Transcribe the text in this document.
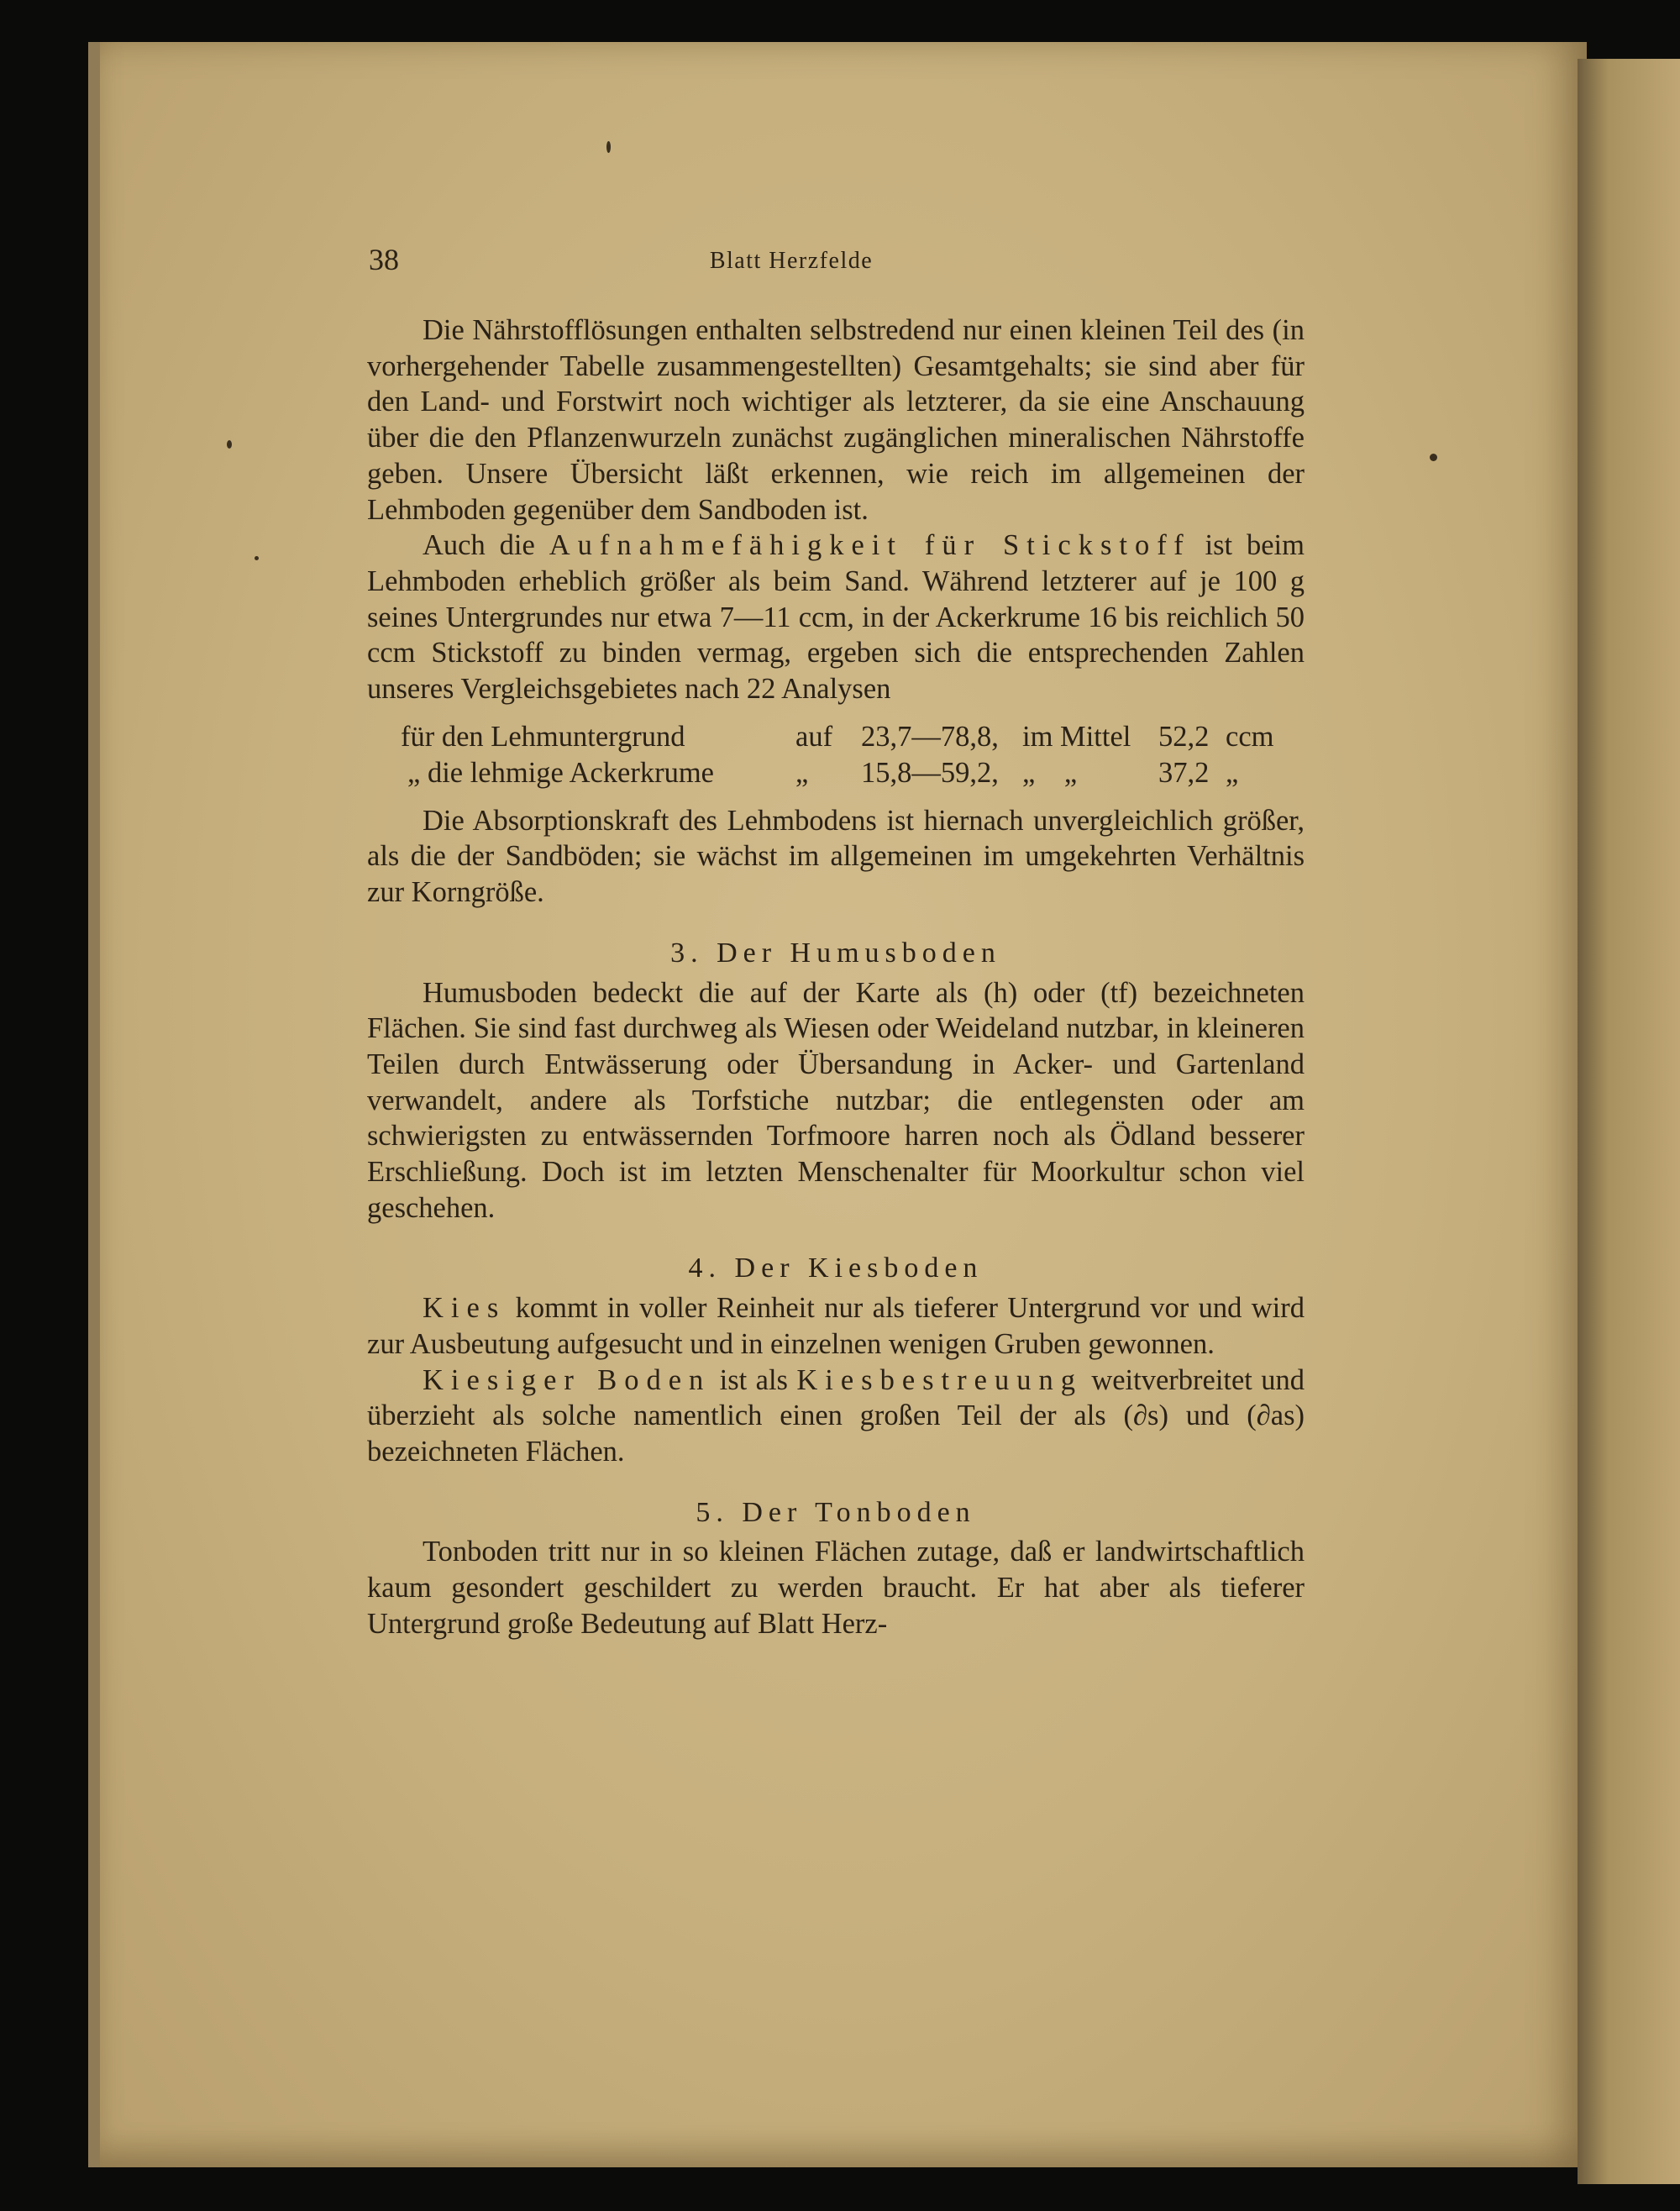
38	Blatt Herzfelde

Die Nährstofflösungen enthalten selbstredend nur einen kleinen Teil des (in vorhergehender Tabelle zusammengestellten) Gesamtgehalts; sie sind aber für den Land- und Forstwirt noch wichtiger als letzterer, da sie eine Anschauung über die den Pflanzenwurzeln zunächst zugänglichen mineralischen Nährstoffe geben. Unsere Übersicht läßt erkennen, wie reich im allgemeinen der Lehmboden gegenüber dem Sandboden ist.

Auch die Aufnahmefähigkeit für Stickstoff ist beim Lehmboden erheblich größer als beim Sand. Während letzterer auf je 100 g seines Untergrundes nur etwa 7—11 ccm, in der Ackerkrume 16 bis reichlich 50 ccm Stickstoff zu binden vermag, ergeben sich die entsprechenden Zahlen unseres Vergleichsgebietes nach 22 Analysen

für den Lehmuntergrund	auf	23,7—78,8,	im Mittel	52,2	ccm
„ die lehmige Ackerkrume	„	15,8—59,2,	„    „	37,2	„

Die Absorptionskraft des Lehmbodens ist hiernach unvergleichlich größer, als die der Sandböden; sie wächst im allgemeinen im umgekehrten Verhältnis zur Korngröße.

3. Der Humusboden

Humusboden bedeckt die auf der Karte als (h) oder (tf) bezeichneten Flächen. Sie sind fast durchweg als Wiesen oder Weideland nutzbar, in kleineren Teilen durch Entwässerung oder Übersandung in Acker- und Gartenland verwandelt, andere als Torfstiche nutzbar; die entlegensten oder am schwierigsten zu entwässernden Torfmoore harren noch als Ödland besserer Erschließung. Doch ist im letzten Menschenalter für Moorkultur schon viel geschehen.

4. Der Kiesboden

Kies kommt in voller Reinheit nur als tieferer Untergrund vor und wird zur Ausbeutung aufgesucht und in einzelnen wenigen Gruben gewonnen.

Kiesiger Boden ist als Kiesbestreuung weitverbreitet und überzieht als solche namentlich einen großen Teil der als (∂s) und (∂as) bezeichneten Flächen.

5. Der Tonboden

Tonboden tritt nur in so kleinen Flächen zutage, daß er landwirtschaftlich kaum gesondert geschildert zu werden braucht. Er hat aber als tieferer Untergrund große Bedeutung auf Blatt Herz-
